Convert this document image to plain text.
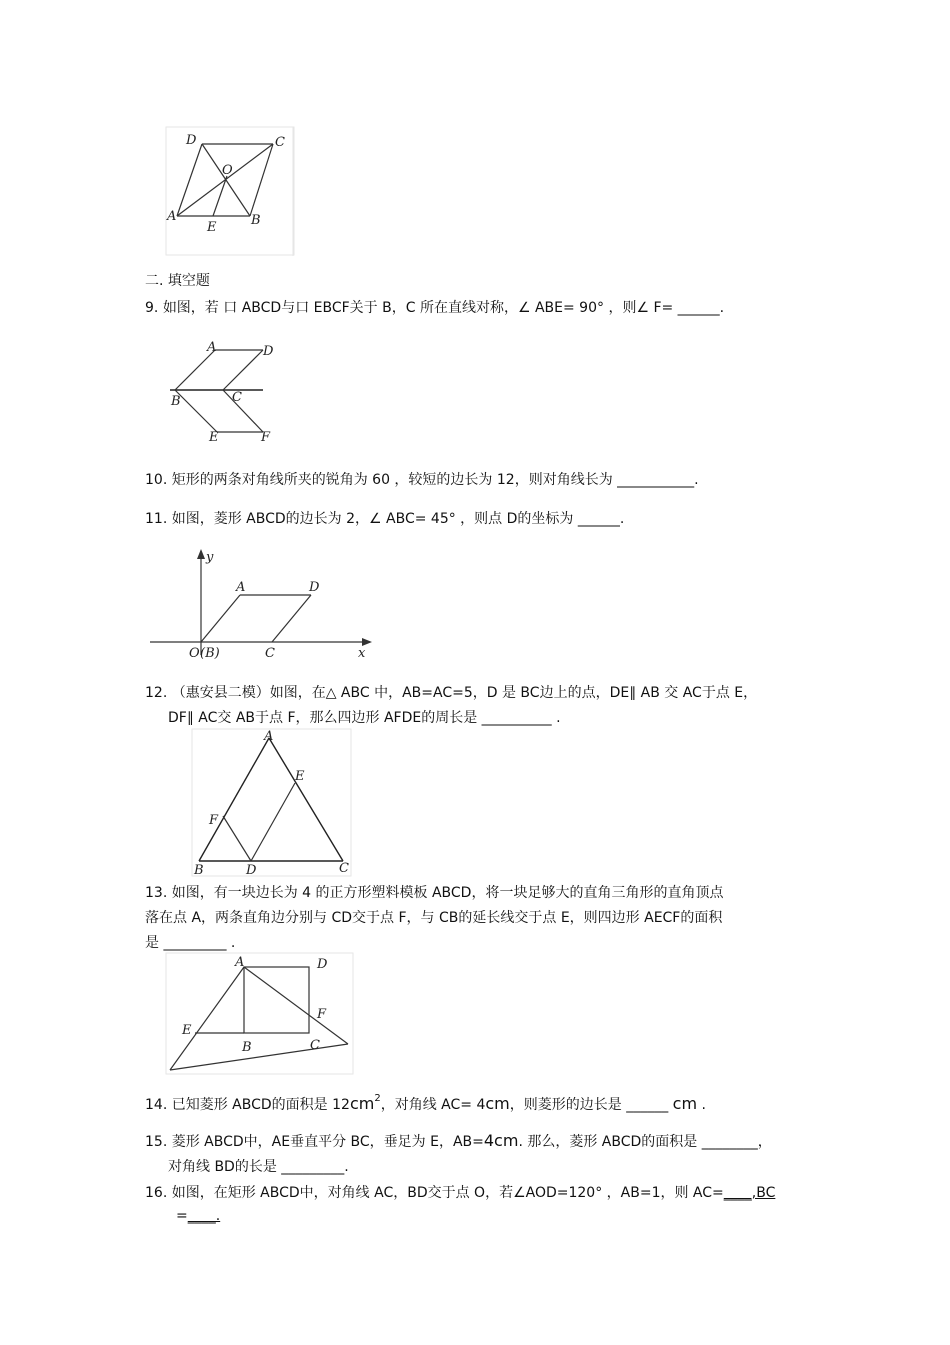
D	C
O
A
E	B
二. 填空题
9. 如图，若 口 ABCD与口 EBCF关于 B，C 所在直线对称，∠ ABE= 90° ，则∠ F= ______.
A	D
B	C
E	F
10. 矩形的两条对角线所夹的锐角为 60 ，较短的边长为 12，则对角线长为 ___________.
11. 如图，菱形 ABCD的边长为 2，∠ ABC= 45° ，则点 D的坐标为 ______.
y
A	D
O (B)	C	x
12. （惠安县二模）如图，在△ ABC 中，AB=AC=5，D 是 BC边上的点，DE∥ AB 交 AC于点 E，
DF∥ AC交 AB于点 F，那么四边形 AFDE的周长是 __________ .
A
E
F
B	D	C
13. 如图，有一块边长为 4 的正方形塑料模板 ABCD，将一块足够大的直角三角形的直角顶点
落在点 A，两条直角边分别与 CD交于点 F，与 CB的延长线交于点 E，则四边形 AECF的面积
是 _________ .
A	D
F
E
B	C
14. 已知菱形 ABCD的面积是 $12cm^2$，对角线 AC= 4cm，则菱形的边长是 ______ cm .
15. 菱形 ABCD中，AE垂直平分 BC，垂足为 E，AB=4cm. 那么，菱形 ABCD的面积是 ________，
对角线 BD的长是 _________.
16. 如图，在矩形 ABCD中，对角线 AC，BD交于点 O，若∠AOD=120° ，AB=1，则 AC=____,BC
=____.
